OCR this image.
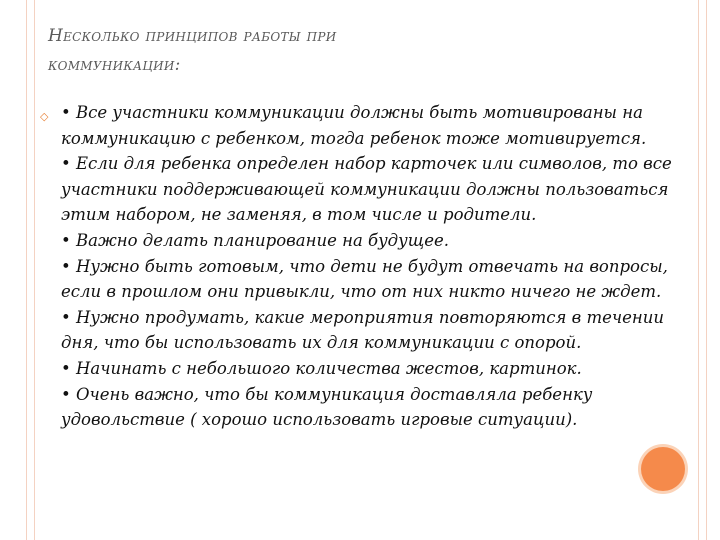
Несколько принципов работы при
коммуникации:
◇ • Все участники коммуникации должны быть мотивированы на коммуникацию с ребенком, тогда ребенок тоже мотивируется.

• Если для ребенка определен набор карточек или символов, то все участники поддерживающей коммуникации должны пользоваться этим набором, не заменяя, в том числе и родители.

• Важно делать планирование на будущее.

• Нужно быть готовым, что дети не будут отвечать на вопросы, если в прошлом они привыкли, что от них никто ничего не ждет.

• Нужно продумать, какие мероприятия повторяются в течении дня, что бы использовать их для коммуникации с опорой.

• Начинать с небольшого количества жестов, картинок.

• Очень важно, что бы коммуникация доставляла ребенку удовольствие ( хорошо использовать игровые ситуации).
